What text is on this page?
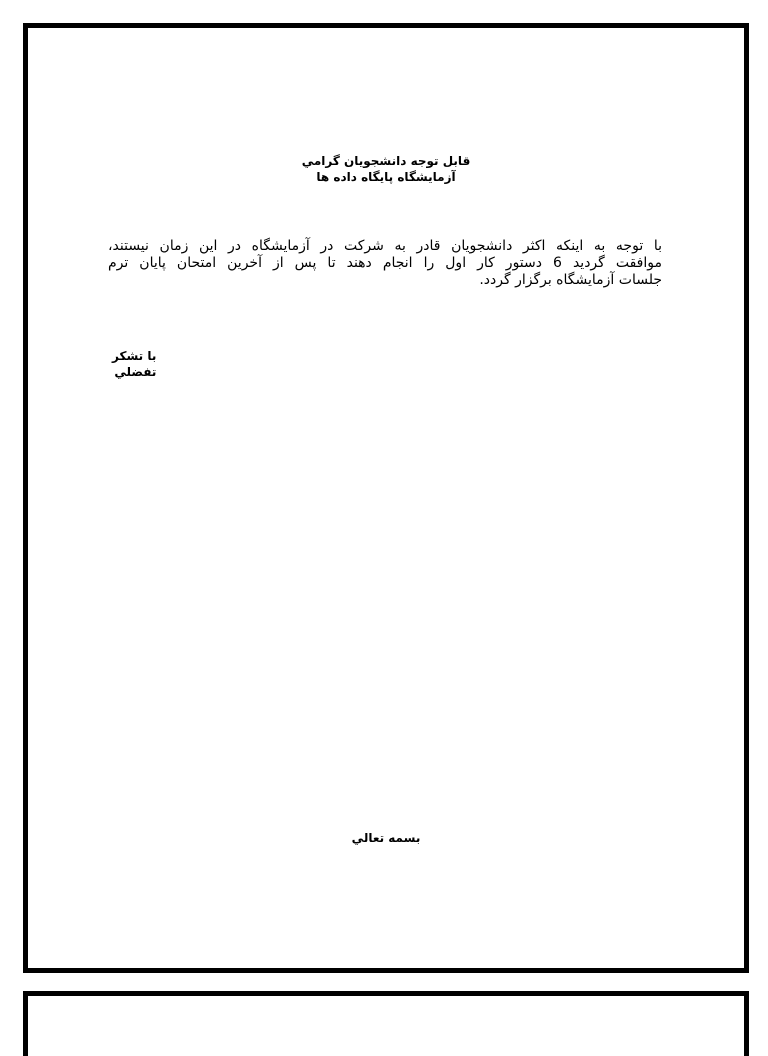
قابل توجه دانشجويان گرامي
آزمايشگاه پايگاه داده ها
با توجه به اینکه اکثر دانشجویان قادر به شرکت در آزمایشگاه در این زمان نیستند،
موافقت گردید 6 دستور کار اول را انجام دهند تا پس از آخرین امتحان پایان ترم
جلسات آزمایشگاه برگزار گردد.
با تشكر
تفضلي
بسمه تعالي
